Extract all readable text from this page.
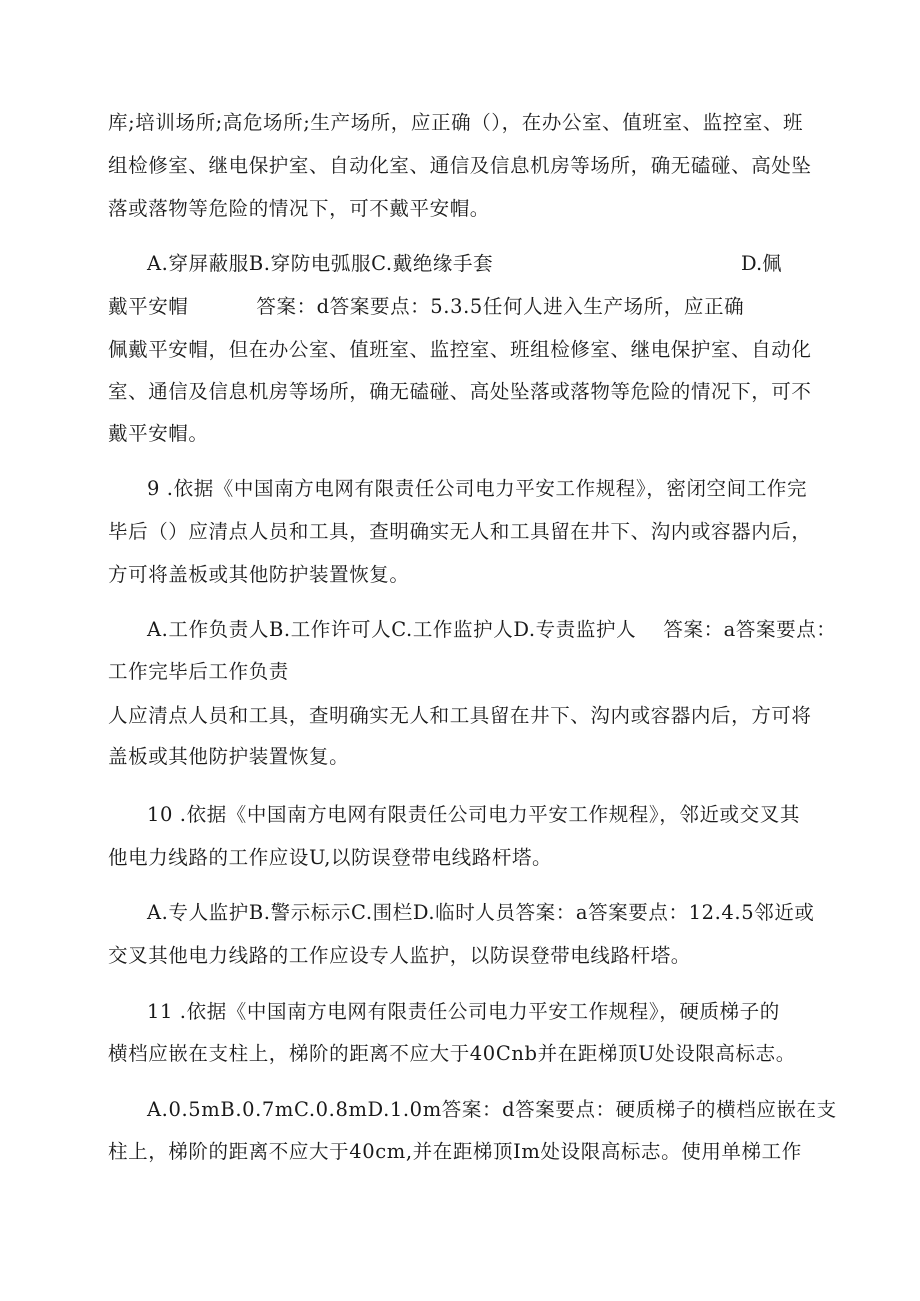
库;培训场所;高危场所;生产场所，应正确（），在办公室、值班室、监控室、班
组检修室、继电保护室、自动化室、通信及信息机房等场所，确无磕碰、高处坠
落或落物等危险的情况下，可不戴平安帽。
A.穿屏蔽服B.穿防电弧服C.戴绝缘手套	D.佩
戴平安帽          答案：d答案要点：5.3.5任何人进入生产场所，应正确
佩戴平安帽，但在办公室、值班室、监控室、班组检修室、继电保护室、自动化
室、通信及信息机房等场所，确无磕碰、高处坠落或落物等危险的情况下，可不
戴平安帽。
9 .依据《中国南方电网有限责任公司电力平安工作规程》，密闭空间工作完
毕后（）应清点人员和工具，查明确实无人和工具留在井下、沟内或容器内后，
方可将盖板或其他防护装置恢复。
A.工作负责人B.工作许可人C.工作监护人D.专责监护人    答案：a答案要点：
工作完毕后工作负责
人应清点人员和工具，查明确实无人和工具留在井下、沟内或容器内后，方可将
盖板或其他防护装置恢复。
10 .依据《中国南方电网有限责任公司电力平安工作规程》，邻近或交叉其
他电力线路的工作应设U,以防误登带电线路杆塔。
A.专人监护B.警示标示C.围栏D.临时人员答案：a答案要点：12.4.5邻近或
交叉其他电力线路的工作应设专人监护，以防误登带电线路杆塔。
11 .依据《中国南方电网有限责任公司电力平安工作规程》，硬质梯子的
横档应嵌在支柱上，梯阶的距离不应大于40Cnb并在距梯顶U处设限高标志。
A.0.5mB.0.7mC.0.8mD.1.0m答案：d答案要点：硬质梯子的横档应嵌在支
柱上，梯阶的距离不应大于40cm,并在距梯顶Im处设限高标志。使用单梯工作
